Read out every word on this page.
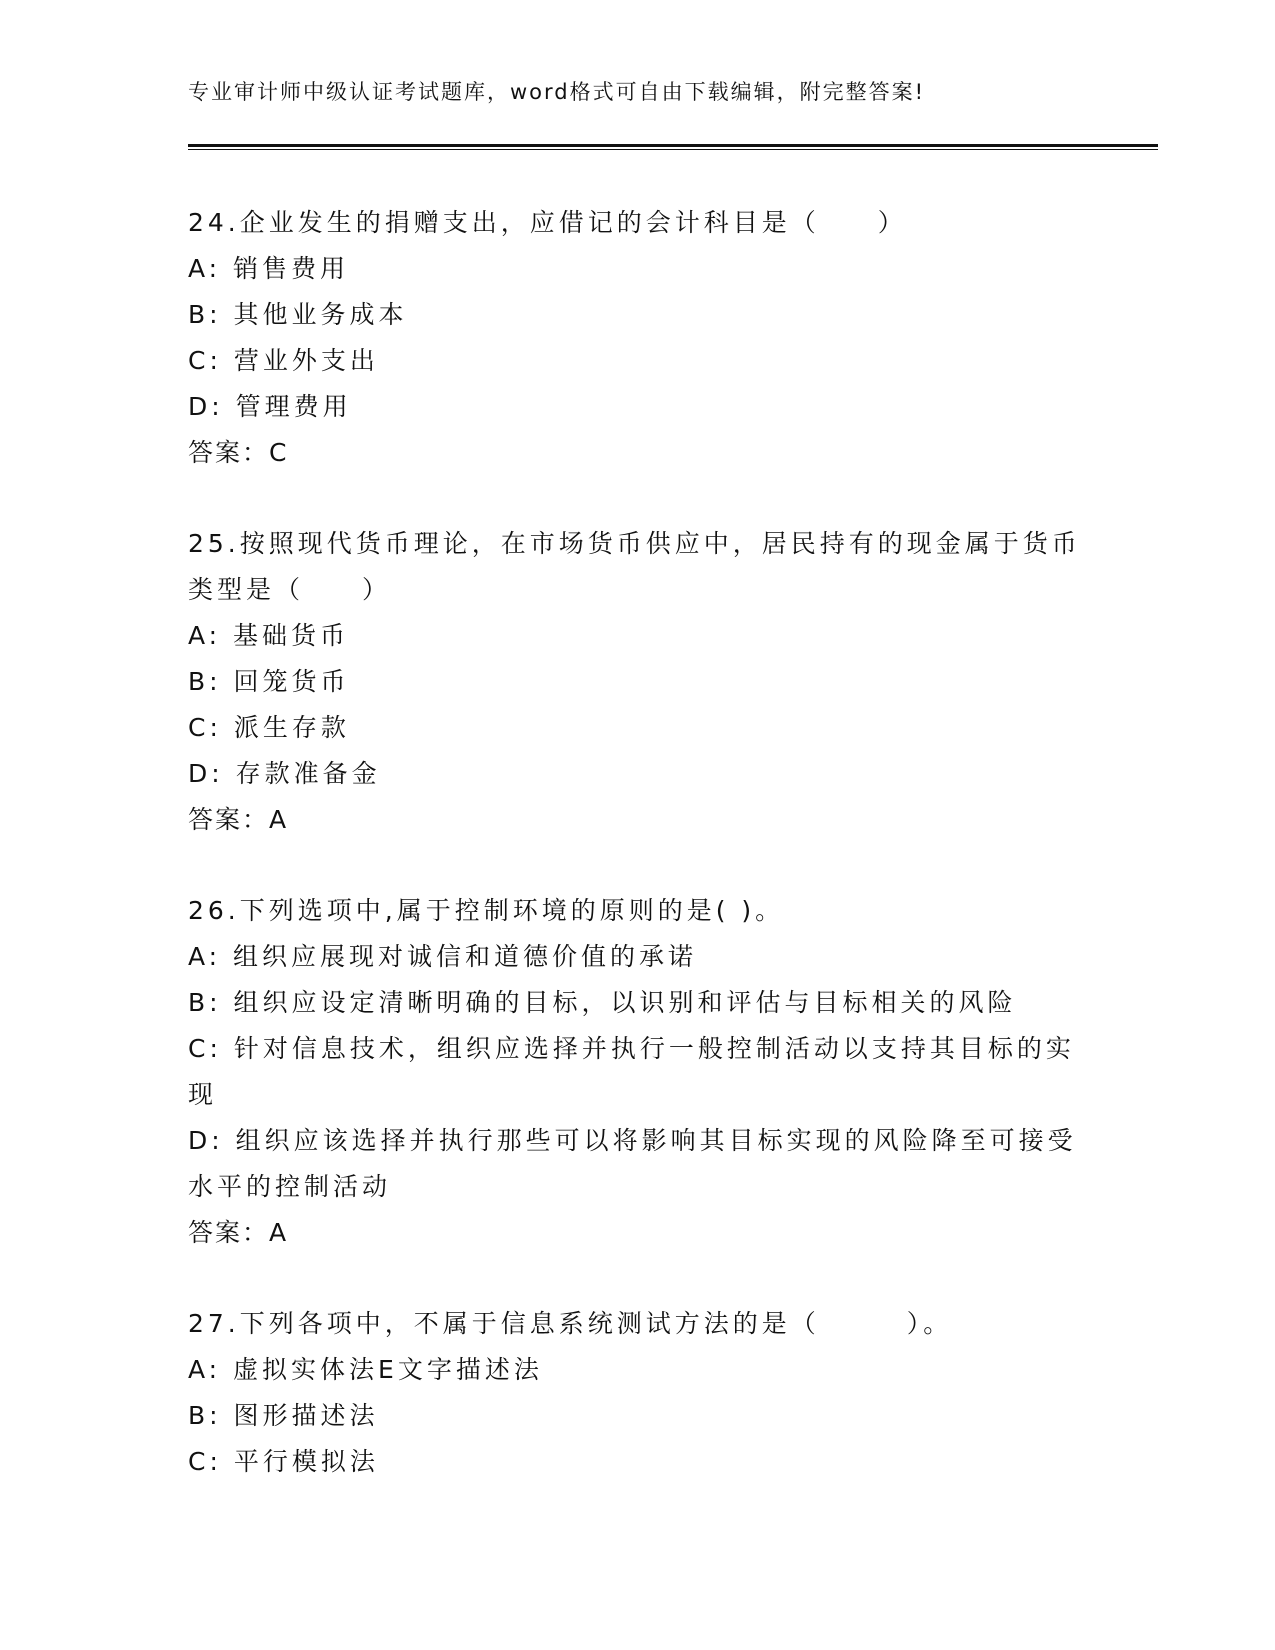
专业审计师中级认证考试题库，word格式可自由下载编辑，附完整答案!
24.企业发生的捐赠支出，应借记的会计科目是（　　）
A: 销售费用
B: 其他业务成本
C: 营业外支出
D: 管理费用
答案：C
25.按照现代货币理论，在市场货币供应中，居民持有的现金属于货币类型是（　　）
A: 基础货币
B: 回笼货币
C: 派生存款
D: 存款准备金
答案：A
26.下列选项中,属于控制环境的原则的是( )。
A: 组织应展现对诚信和道德价值的承诺
B: 组织应设定清晰明确的目标，以识别和评估与目标相关的风险
C: 针对信息技术，组织应选择并执行一般控制活动以支持其目标的实现
D: 组织应该选择并执行那些可以将影响其目标实现的风险降至可接受水平的控制活动
答案：A
27.下列各项中，不属于信息系统测试方法的是（　　　）。
A: 虚拟实体法E文字描述法
B: 图形描述法
C: 平行模拟法
